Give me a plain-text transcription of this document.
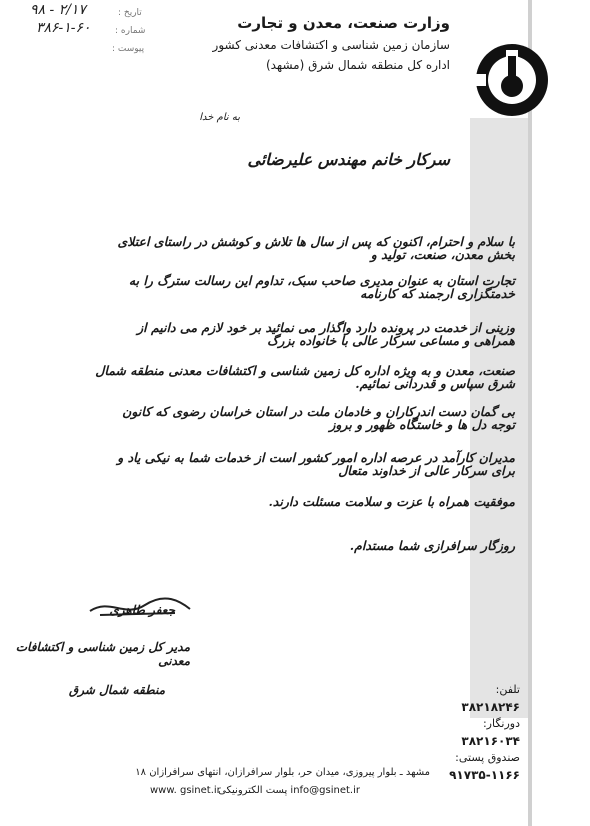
وزارت صنعت، معدن و تجارت
سازمان زمین شناسی و اکتشافات معدنی کشور
اداره کل منطقه شمال شرق (مشهد)
تاریخ :
شماره :
پیوست :
۹۸ - ۲/۱۷
۳۸۶-۱-۶۰
به نام خدا
سرکار خانم مهندس علیرضائی
با سلام و احترام، اکنون که پس از سال ها تلاش و کوشش در راستای اعتلای بخش معدن، صنعت، تولید و
تجارت استان به عنوان مدیری صاحب سبک، تداوم این رسالت سترگ را به خدمتگزاری ارجمند که کارنامه
وزینی از خدمت در پرونده دارد واگذار می نمائید بر خود لازم می دانیم از همراهی و مساعی سرکار عالی با خانواده بزرگ
صنعت، معدن و به ویژه اداره کل زمین شناسی و اکتشافات معدنی منطقه شمال شرق سپاس و قدردانی نمائیم.
بی گمان دست اندرکاران و خادمان ملت در استان خراسان رضوی که کانون توجه دل ها و خاستگاه ظهور و بروز
مدیران کارآمد در عرصه اداره امور کشور است از خدمات شما به نیکی یاد و برای سرکار عالی از خداوند متعال
موفقیت همراه با عزت و سلامت مسئلت دارند.
روزگار سرافرازی شما مستدام.
جعفر طاهری
مدیر کل زمین شناسی و اکتشافات معدنی
منطقه شمال شرق	تلفن:
۳۸۲۱۸۲۴۶
دورنگار:
۳۸۲۱۶۰۳۴
صندوق پستی:
۹۱۷۳۵-۱۱۶۶
مشهد ـ بلوار پیروزی، میدان حر، بلوار سرافرازان، انتهای سرافرازان ۱۸
info@gsinet.ir پست الکترونیکی
www. gsinet.ir
